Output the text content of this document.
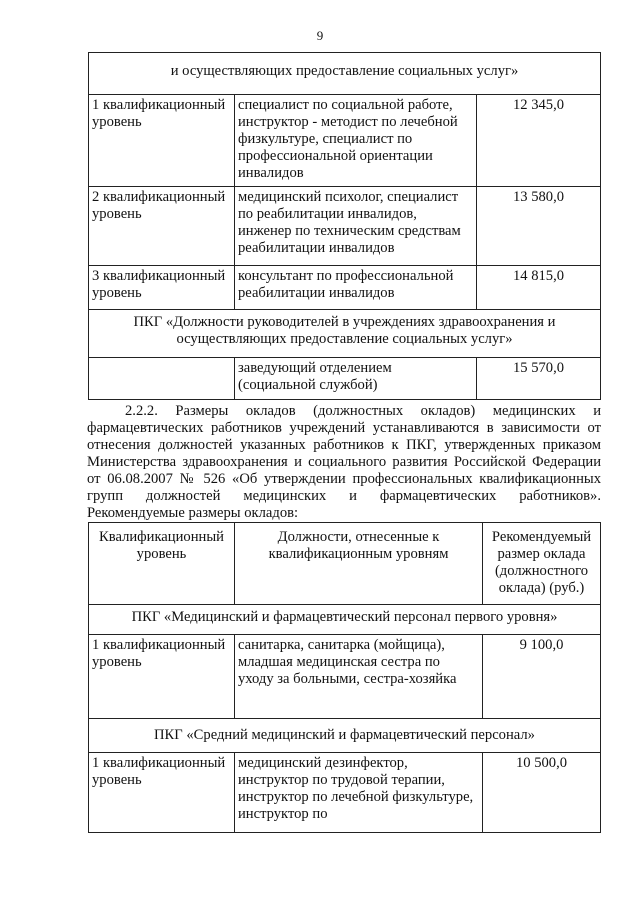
9
и осуществляющих предоставление социальных услуг»		
1 квалификационный уровень	специалист по социальной работе, инструктор - методист по лечебной физкультуре, специалист по профессиональной ориентации инвалидов	12 345,0
2 квалификационный уровень	медицинский психолог, специалист по реабилитации инвалидов, инженер по техническим средствам реабилитации инвалидов	13 580,0
3 квалификационный уровень	консультант по профессиональной реабилитации инвалидов	14 815,0
ПКГ «Должности руководителей в учреждениях здравоохранения и осуществляющих предоставление социальных услуг»		
	заведующий отделением (социальной службой)	15 570,0

2.2.2. Размеры окладов (должностных окладов) медицинских и фармацевтических работников учреждений устанавливаются в зависимости от отнесения должностей указанных работников к ПКГ, утвержденных приказом Министерства здравоохранения и социального развития Российской Федерации от 06.08.2007 № 526 «Об утверждении профессиональных квалификационных групп должностей медицинских и фармацевтических работников». Рекомендуемые размеры окладов:

Квалификационный уровень	Должности, отнесенные к квалификационным уровням	Рекомендуемый размер оклада (должностного оклада) (руб.)
ПКГ «Медицинский и фармацевтический персонал первого уровня»		
1 квалификационный уровень	санитарка, санитарка (мойщица), младшая медицинская сестра по уходу за больными, сестра-хозяйка	9 100,0
ПКГ «Средний медицинский и фармацевтический персонал»		
1 квалификационный уровень	медицинский дезинфектор, инструктор по трудовой терапии, инструктор по лечебной физкультуре, инструктор по	10 500,0
